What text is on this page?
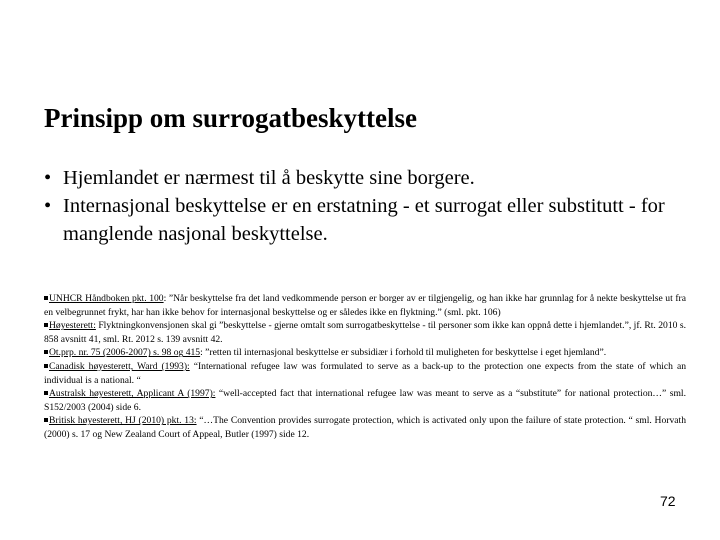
Prinsipp om surrogatbeskyttelse
• Hjemlandet er nærmest til å beskytte sine borgere.
• Internasjonal beskyttelse er en erstatning - et surrogat eller substitutt - for manglende nasjonal beskyttelse.
UNHCR Håndboken pkt. 100: ”Når beskyttelse fra det land vedkommende person er borger av er tilgjengelig, og han ikke har grunnlag for å nekte beskyttelse ut fra en velbegrunnet frykt, har han ikke behov for internasjonal beskyttelse og er således ikke en flyktning.” (sml. pkt. 106)
Høyesterett: Flyktningkonvensjonen skal gi ”beskyttelse - gjerne omtalt som surrogatbeskyttelse - til personer som ikke kan oppnå dette i hjemlandet.”, jf. Rt. 2010 s. 858 avsnitt 41, sml. Rt. 2012 s. 139 avsnitt 42.
Ot.prp. nr. 75 (2006-2007) s. 98 og 415: ”retten til internasjonal beskyttelse er subsidiær i forhold til muligheten for beskyttelse i eget hjemland”.
Canadisk høyesterett, Ward (1993): “International refugee law was formulated to serve as a back-up to the protection one expects from the state of which an individual is a national. “
Australsk høyesterett, Applicant A (1997): “well-accepted fact that international refugee law was meant to serve as a “substitute” for national protection…” sml. S152/2003 (2004) side 6.
Britisk høyesterett, HJ (2010) pkt. 13: “…The Convention provides surrogate protection, which is activated only upon the failure of state protection. “ sml. Horvath (2000) s. 17 og New Zealand Court of Appeal, Butler (1997) side 12.
72
